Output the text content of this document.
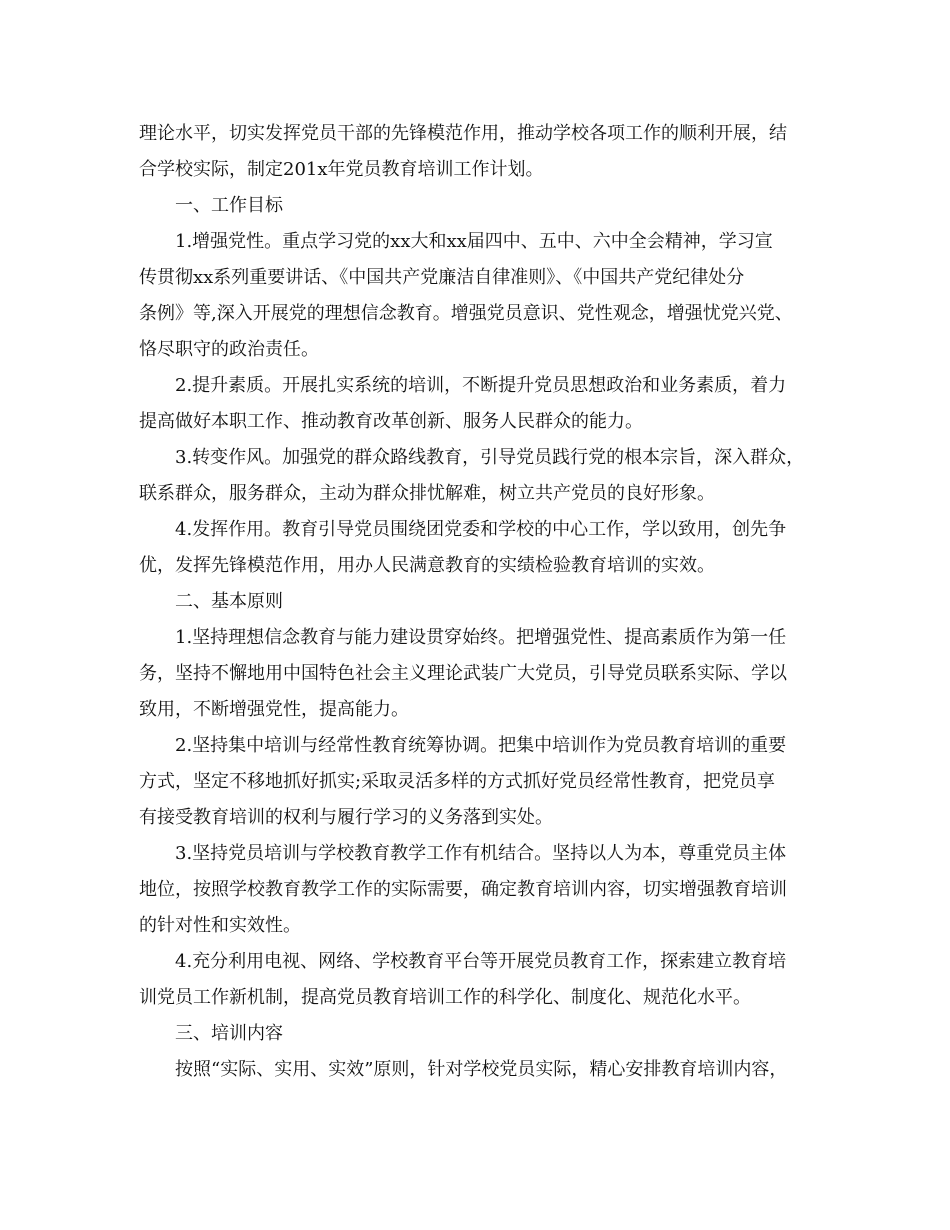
理论水平，切实发挥党员干部的先锋模范作用，推动学校各项工作的顺利开展，结
合学校实际，制定201x年党员教育培训工作计划。
一、工作目标
1.增强党性。重点学习党的xx大和xx届四中、五中、六中全会精神，学习宣
传贯彻xx系列重要讲话、《中国共产党廉洁自律准则》、《中国共产党纪律处分
条例》等,深入开展党的理想信念教育。增强党员意识、党性观念，增强忧党兴党、
恪尽职守的政治责任。
2.提升素质。开展扎实系统的培训，不断提升党员思想政治和业务素质，着力
提高做好本职工作、推动教育改革创新、服务人民群众的能力。
3.转变作风。加强党的群众路线教育，引导党员践行党的根本宗旨，深入群众，
联系群众，服务群众，主动为群众排忧解难，树立共产党员的良好形象。
4.发挥作用。教育引导党员围绕团党委和学校的中心工作，学以致用，创先争
优，发挥先锋模范作用，用办人民满意教育的实绩检验教育培训的实效。
二、基本原则
1.坚持理想信念教育与能力建设贯穿始终。把增强党性、提高素质作为第一任
务，坚持不懈地用中国特色社会主义理论武装广大党员，引导党员联系实际、学以
致用，不断增强党性，提高能力。
2.坚持集中培训与经常性教育统筹协调。把集中培训作为党员教育培训的重要
方式，坚定不移地抓好抓实;采取灵活多样的方式抓好党员经常性教育，把党员享
有接受教育培训的权利与履行学习的义务落到实处。
3.坚持党员培训与学校教育教学工作有机结合。坚持以人为本，尊重党员主体
地位，按照学校教育教学工作的实际需要，确定教育培训内容，切实增强教育培训
的针对性和实效性。
4.充分利用电视、网络、学校教育平台等开展党员教育工作，探索建立教育培
训党员工作新机制，提高党员教育培训工作的科学化、制度化、规范化水平。
三、培训内容
按照“实际、实用、实效”原则，针对学校党员实际，精心安排教育培训内容，
